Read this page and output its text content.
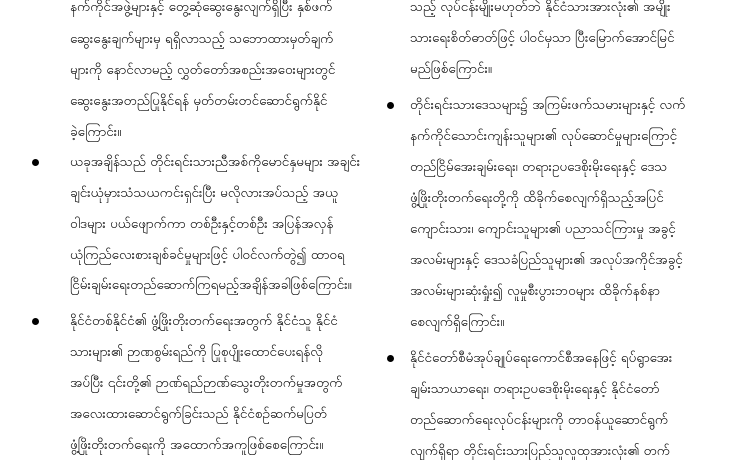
နက်ကိုင်အဖွဲ့များနှင့် တွေ့ဆုံဆွေးနွေးလျက်ရှိပြီး နှစ်ဖက်
ဆွေးနွေးချက်များမှ ရရှိလာသည့် သဘောထားမှတ်ချက်
များကို နောင်လာမည့် လွှတ်တော်အစည်းအဝေးများတွင်
ဆွေးနွေးအတည်ပြုနိုင်ရန် မှတ်တမ်းတင်ဆောင်ရွက်နိုင်
ခဲ့ကြောင်း။
ယခုအချိန်သည် တိုင်းရင်းသားညီအစ်ကိုမောင်နှမများ အချင်း
ချင်းယုံမှားသံသယကင်းရှင်းပြီး မလိုလားအပ်သည့် အယူ
ဝါဒများ ပယ်ဖျောက်ကာ တစ်ဦးနှင့်တစ်ဦး အပြန်အလှန်
ယုံကြည်လေးစားချစ်ခင်မှုများဖြင့် ပါဝင်လက်တွဲ၍ ထာဝရ
ငြိမ်းချမ်းရေးတည်ဆောက်ကြရမည့်အချိန်အခါဖြစ်ကြောင်း။
နိုင်ငံတစ်နိုင်ငံ၏ ဖွံ့ဖြိုးတိုးတက်ရေးအတွက် နိုင်ငံသူ နိုင်ငံ
သားများ၏ ဉာဏစွမ်းရည်ကို ပြုစုပျိုးထောင်ပေးရန်လို
အပ်ပြီး ၎င်းတို့၏ ဉာဏ်ရည်ဉာဏ်သွေးတိုးတက်မှုအတွက်
အလေးထားဆောင်ရွက်ခြင်းသည် နိုင်ငံစဉ်ဆက်မပြတ်
ဖွံ့ဖြိုးတိုးတက်ရေးကို အထောက်အကူဖြစ်စေကြောင်း။
သည့် လုပ်ငန်းမျိုးမဟုတ်ဘဲ နိုင်ငံသားအားလုံး၏ အမျိုး
သားရေးစိတ်ဓာတ်ဖြင့် ပါဝင်မှသာ ပြီးမြောက်အောင်မြင်
မည်ဖြစ်ကြောင်း။
တိုင်းရင်းသားဒေသများ၌ အကြမ်းဖက်သမားများနှင့် လက်
နက်ကိုင်သောင်းကျန်းသူများ၏ လုပ်ဆောင်မှုများကြောင့်
တည်ငြိမ်အေးချမ်းရေး၊ တရားဥပဒေစိုးမိုးရေးနှင့် ဒေသ
ဖွံ့ဖြိုးတိုးတက်ရေးတို့ကို ထိခိုက်စေလျက်ရှိသည့်အပြင်
ကျောင်းသား၊ ကျောင်းသူများ၏ ပညာသင်ကြားမှု အခွင့်
အလမ်းများနှင့် ဒေသခံပြည်သူများ၏ အလုပ်အကိုင်အခွင့်
အလမ်းများဆုံးရှုံး၍ လူမှုစီးပွားဘဝများ ထိခိုက်နစ်နာ
စေလျက်ရှိကြောင်း။
နိုင်ငံတော်စီမံအုပ်ချုပ်ရေးကောင်စီအနေဖြင့် ရပ်ရွာအေး
ချမ်းသာယာရေး၊ တရားဥပဒေစိုးမိုးရေးနှင့် နိုင်ငံတော်
တည်ဆောက်ရေးလုပ်ငန်းများကို တာဝန်ယူဆောင်ရွက်
လျက်ရှိရာ တိုင်းရင်းသားပြည်သူလူထုအားလုံး၏ တက်
